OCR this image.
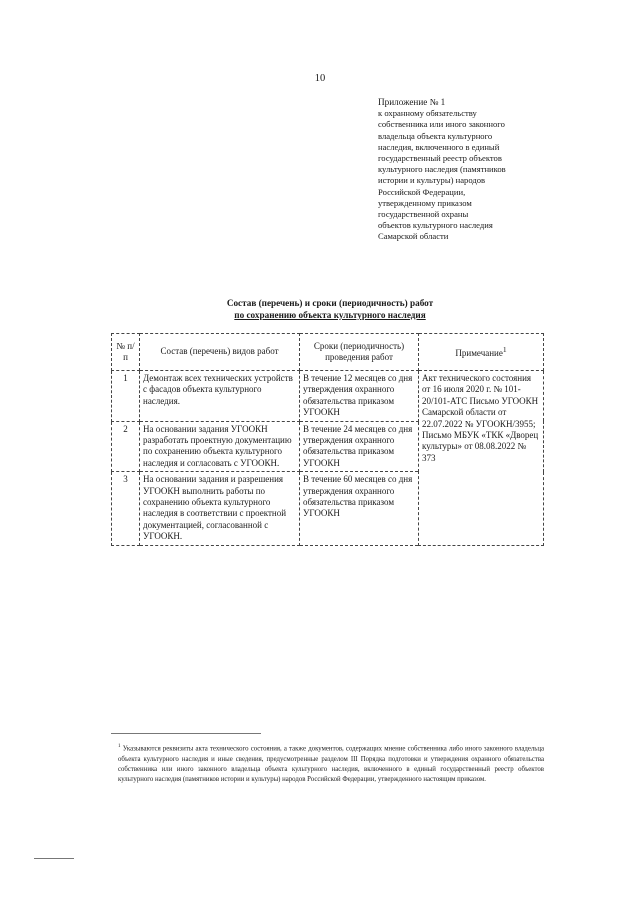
10
Приложение № 1
к охранному обязательству
собственника или иного законного
владельца объекта культурного
наследия, включенного в единый
государственный реестр объектов
культурного наследия (памятников
истории и культуры) народов
Российской Федерации,
утвержденному приказом
государственной охраны
объектов культурного наследия
Самарской области
Состав (перечень) и сроки (периодичность) работ
по сохранению объекта культурного наследия
№ п/п	Состав (перечень) видов работ	Сроки (периодичность) проведения работ	Примечание$^1$
1	Демонтаж всех технических устройств с фасадов объекта культурного наследия.	В течение 12 месяцев со дня утверждения охранного обязательства приказом УГООКН	Акт технического состояния от 16 июля 2020 г. № 101-20/101-АТС Письмо УГООКН Самарской области от 22.07.2022 № УГООКН/3955; Письмо МБУК «ТКК «Дворец культуры» от 08.08.2022 № 373
2	На основании задания УГООКН разработать проектную документацию по сохранению объекта культурного наследия и согласовать с УГООКН.	В течение 24 месяцев со дня утверждения охранного обязательства приказом УГООКН	
3	На основании задания и разрешения УГООКН выполнить работы по сохранению объекта культурного наследия в соответствии с проектной документацией, согласованной с УГООКН.	В течение 60 месяцев со дня утверждения охранного обязательства приказом УГООКН	
$^1$ Указываются реквизиты акта технического состояния, а также документов, содержащих мнение собственника либо иного законного владельца объекта культурного наследия и иные сведения, предусмотренные разделом III Порядка подготовки и утверждения охранного обязательства собственника или иного законного владельца объекта культурного наследия, включенного в единый государственный реестр объектов культурного наследия (памятников истории и культуры) народов Российской Федерации, утвержденного настоящим приказом.
